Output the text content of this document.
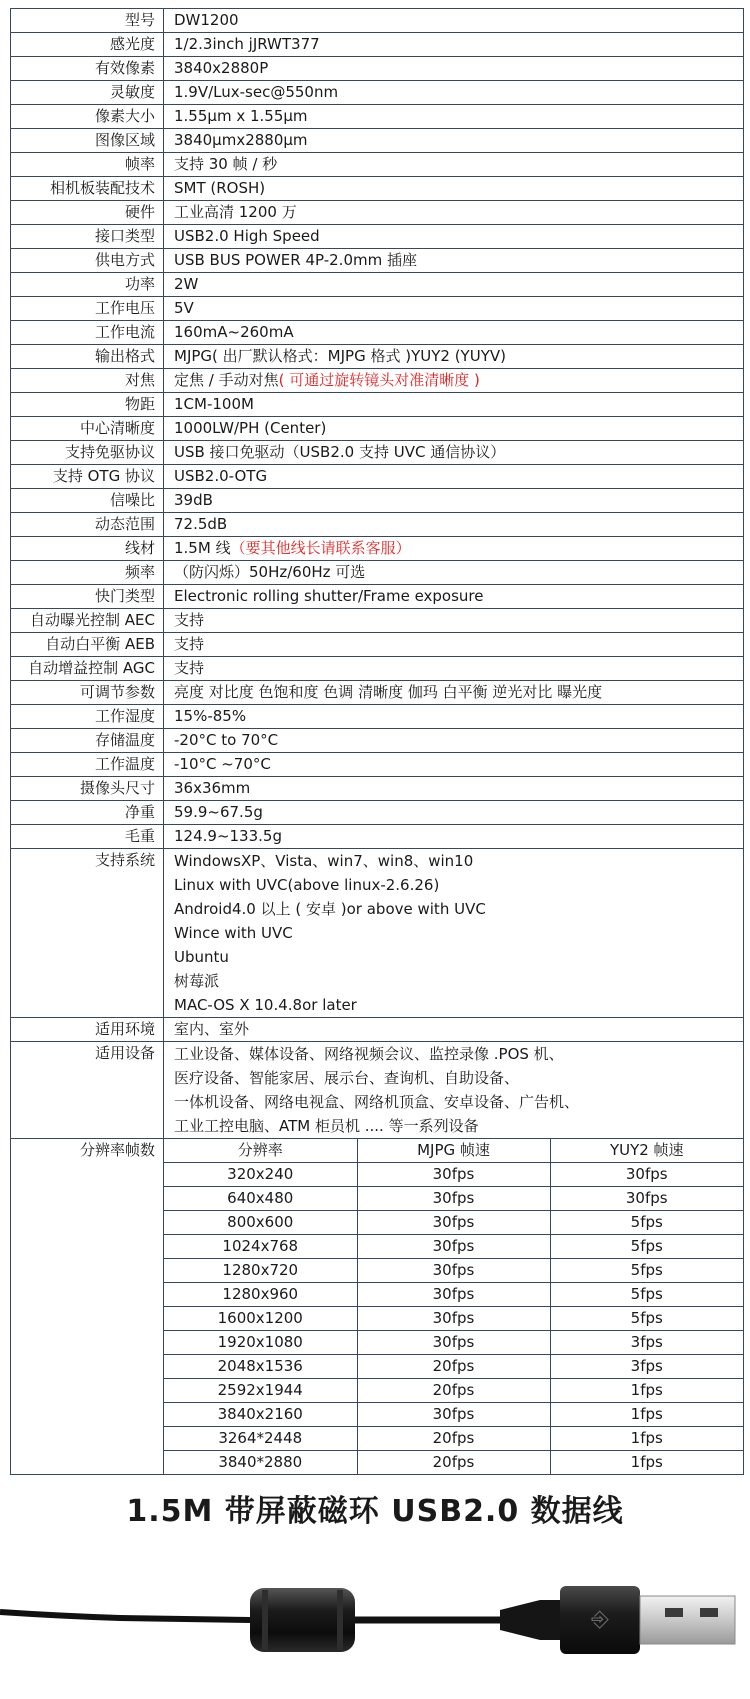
型号	DW1200
感光度	1/2.3inch jJRWT377
有效像素	3840x2880P
灵敏度	1.9V/Lux-sec@550nm
像素大小	1.55μm x 1.55μm
图像区域	3840μmx2880μm
帧率	支持 30 帧 / 秒
相机板装配技术	SMT (ROSH)
硬件	工业高清 1200 万
接口类型	USB2.0 High Speed
供电方式	USB BUS POWER 4P-2.0mm 插座
功率	2W
工作电压	5V
工作电流	160mA~260mA
输出格式	MJPG( 出厂默认格式：MJPG 格式 )YUY2 (YUYV)
对焦	定焦 / 手动对焦( 可通过旋转镜头对准清晰度 )
物距	1CM-100M
中心清晰度	1000LW/PH (Center)
支持免驱协议	USB 接口免驱动（USB2.0 支持 UVC 通信协议）
支持 OTG 协议	USB2.0-OTG
信噪比	39dB
动态范围	72.5dB
线材	1.5M 线（要其他线长请联系客服）
频率	（防闪烁）50Hz/60Hz 可选
快门类型	Electronic rolling shutter/Frame exposure
自动曝光控制 AEC	支持
自动白平衡 AEB	支持
自动增益控制 AGC	支持
可调节参数	亮度 对比度 色饱和度 色调 清晰度 伽玛 白平衡 逆光对比 曝光度
工作湿度	15%-85%
存储温度	-20°C to 70°C
工作温度	-10°C ~70°C
摄像头尺寸	36x36mm
净重	59.9~67.5g
毛重	124.9~133.5g
支持系统	WindowsXP、Vista、win7、win8、win10
Linux with UVC(above linux-2.6.26)
Android4.0 以上 ( 安卓 )or above with UVC
Wince with UVC
Ubuntu
树莓派
MAC-OS X 10.4.8or later

适用环境	室内、室外
适用设备	工业设备、媒体设备、网络视频会议、监控录像 .POS 机、
医疗设备、智能家居、展示台、查询机、自助设备、
一体机设备、网络电视盒、网络机顶盒、安卓设备、广告机、
工业工控电脑、ATM 柜员机 .... 等一系列设备

分辨率帧数		分辨率	MJPG 帧速	YUY2 帧速
320x240	30fps	30fps
640x480	30fps	30fps
800x600	30fps	5fps
1024x768	30fps	5fps
1280x720	30fps	5fps
1280x960	30fps	5fps
1600x1200	30fps	5fps
1920x1080	30fps	3fps
2048x1536	20fps	3fps
2592x1944	20fps	1fps
3840x2160	30fps	1fps
3264*2448	20fps	1fps
3840*2880	20fps	1fps
1.5M 带屏蔽磁环 USB2.0 数据线
⎆
